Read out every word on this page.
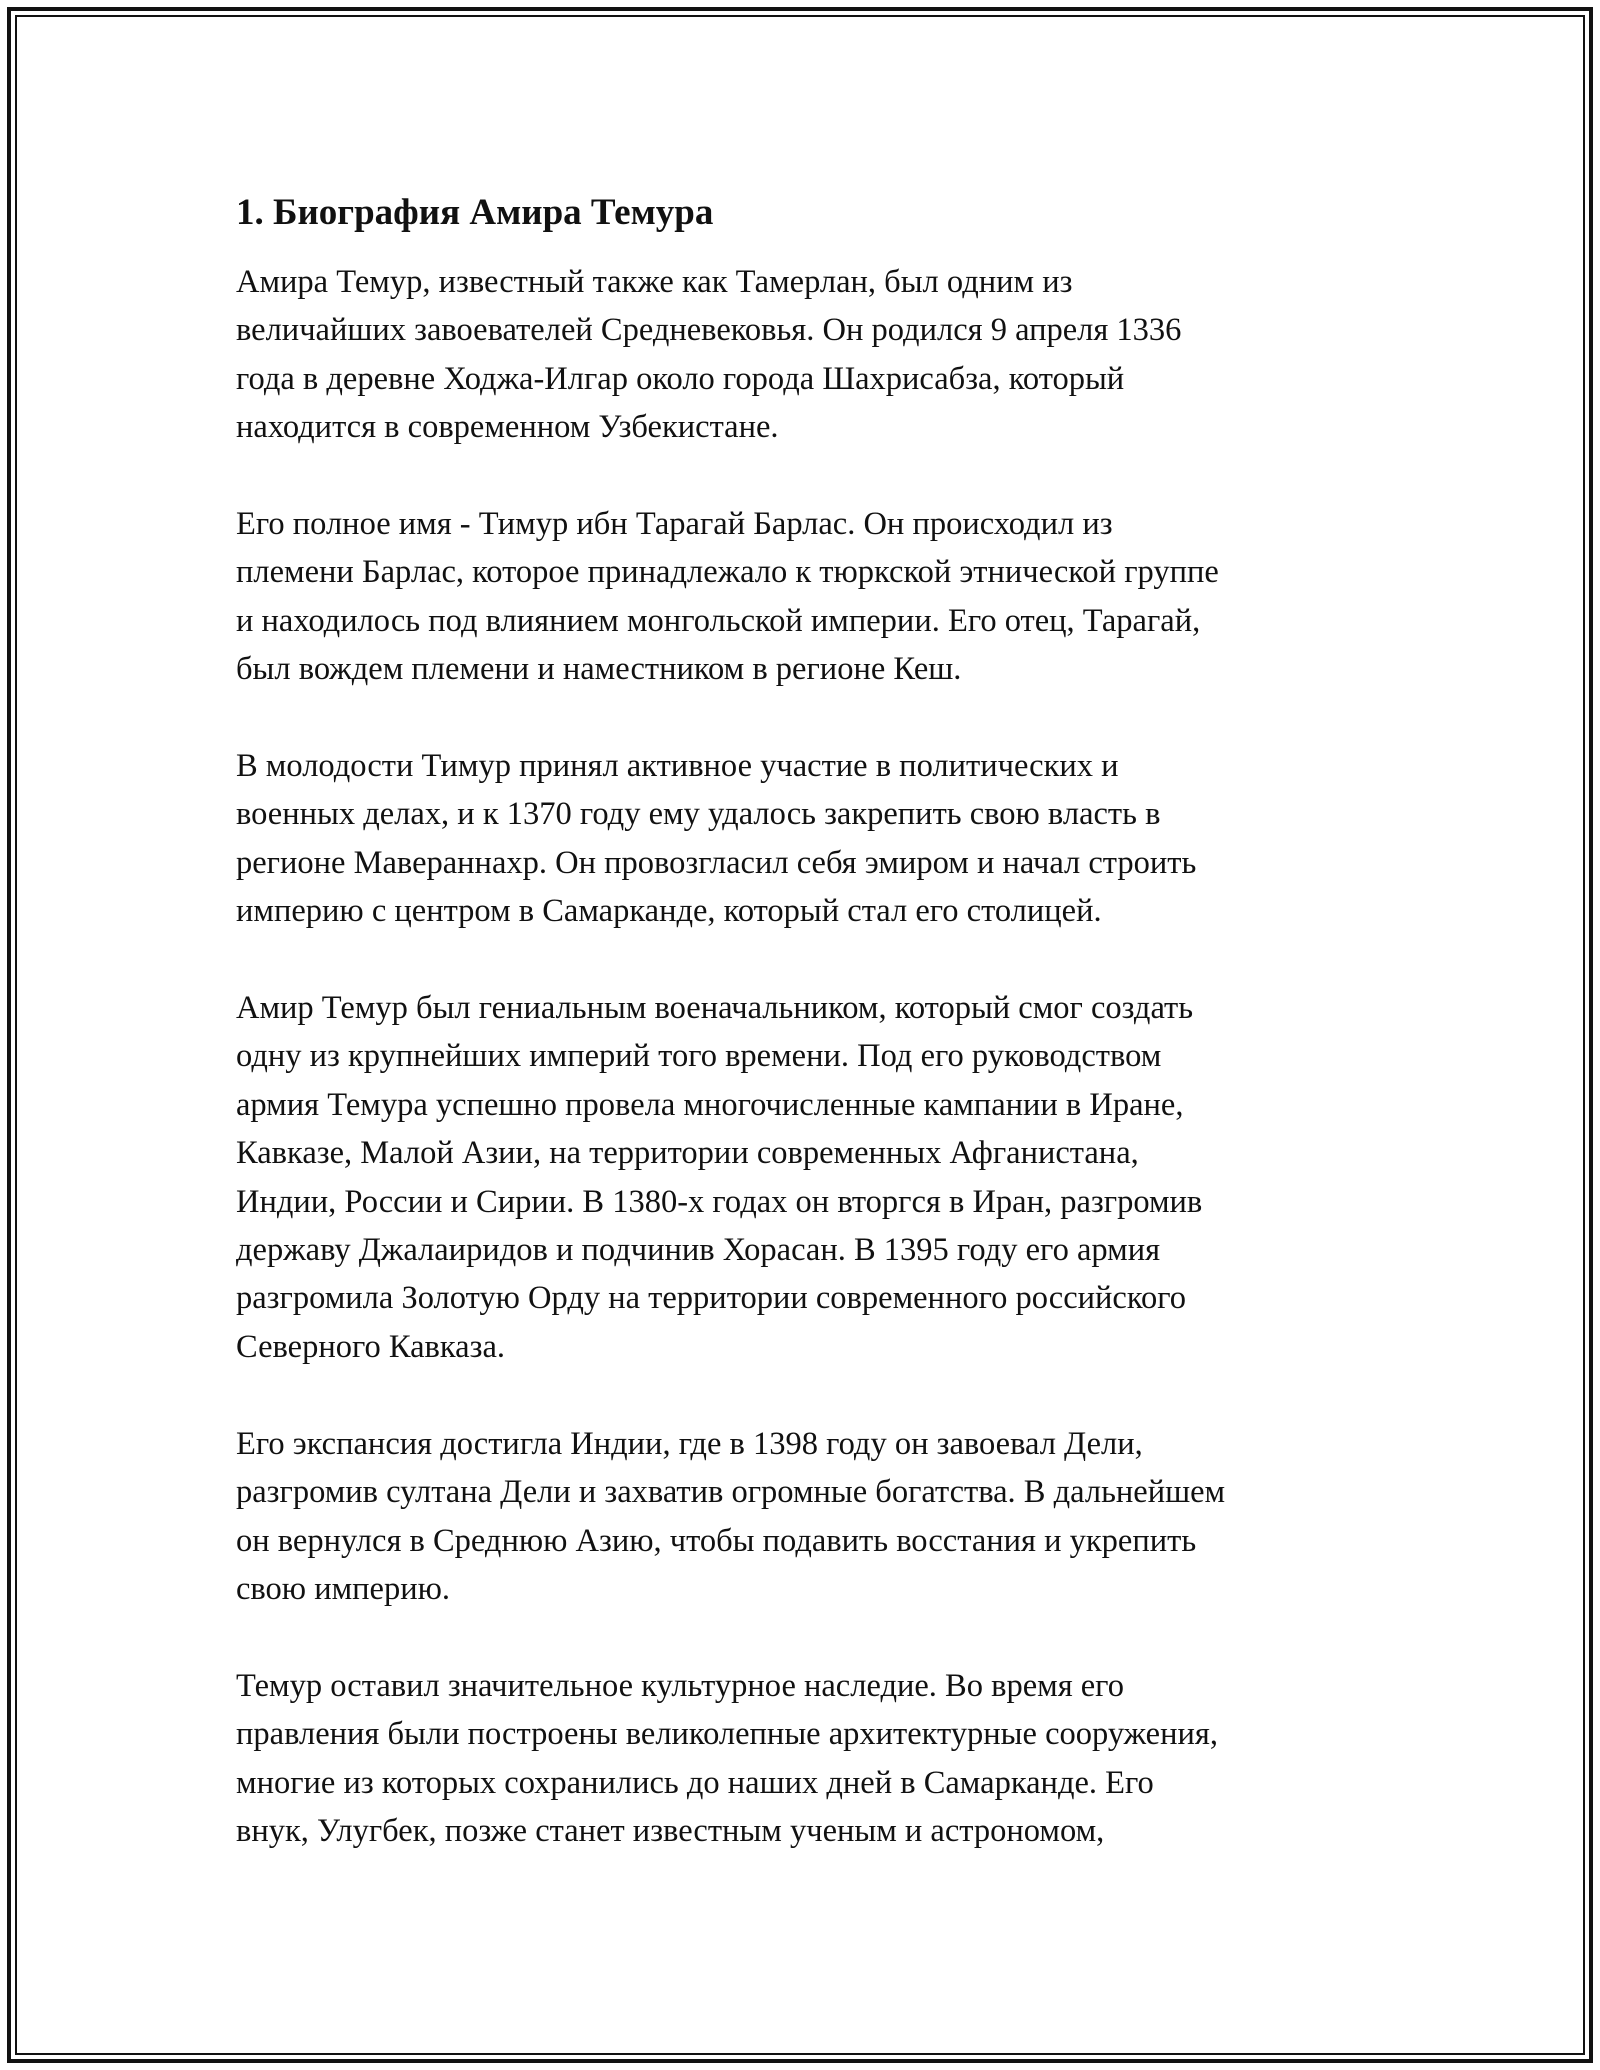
1. Биография Амира Темура

Амира Темур, известный также как Тамерлан, был одним из
величайших завоевателей Средневековья. Он родился 9 апреля 1336
года в деревне Ходжа-Илгар около города Шахрисабза, который
находится в современном Узбекистане.

Его полное имя - Тимур ибн Тарагай Барлас. Он происходил из
племени Барлас, которое принадлежало к тюркской этнической группе
и находилось под влиянием монгольской империи. Его отец, Тарагай,
был вождем племени и наместником в регионе Кеш.

В молодости Тимур принял активное участие в политических и
военных делах, и к 1370 году ему удалось закрепить свою власть в
регионе Мавераннахр. Он провозгласил себя эмиром и начал строить
империю с центром в Самарканде, который стал его столицей.

Амир Темур был гениальным военачальником, который смог создать
одну из крупнейших империй того времени. Под его руководством
армия Темура успешно провела многочисленные кампании в Иране,
Кавказе, Малой Азии, на территории современных Афганистана,
Индии, России и Сирии. В 1380-х годах он вторгся в Иран, разгромив
державу Джалаиридов и подчинив Хорасан. В 1395 году его армия
разгромила Золотую Орду на территории современного российского
Северного Кавказа.

Его экспансия достигла Индии, где в 1398 году он завоевал Дели,
разгромив султана Дели и захватив огромные богатства. В дальнейшем
он вернулся в Среднюю Азию, чтобы подавить восстания и укрепить
свою империю.

Темур оставил значительное культурное наследие. Во время его
правления были построены великолепные архитектурные сооружения,
многие из которых сохранились до наших дней в Самарканде. Его
внук, Улугбек, позже станет известным ученым и астрономом,
